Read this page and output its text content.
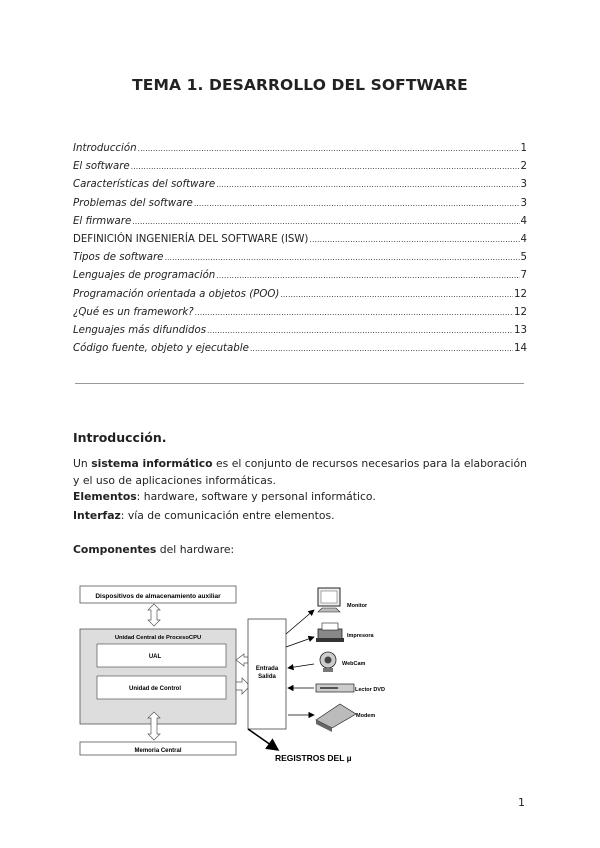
TEMA 1. DESARROLLO DEL SOFTWARE
Introducción .....	1
El software .....	2
Características del software .....	3
Problemas del software .....	3
El firmware .....	4
DEFINICIÓN INGENIERÍA DEL SOFTWARE (ISW) .....	4
Tipos de software .....	5
Lenguajes de programación .....	7
Programación orientada a objetos (POO) .....	12
¿Qué es un framework? .....	12
Lenguajes más difundidos .....	13
Código fuente, objeto y ejecutable .....	14
Introducción.
Un sistema informático es el conjunto de recursos necesarios para la elaboración y el uso de aplicaciones informáticas.
Elementos: hardware, software y personal informático.
Interfaz: vía de comunicación entre elementos.
Componentes del hardware:
Dispositivos de almacenamiento auxiliar
Unidad Central de ProcesoCPU
UAL
Unidad de Control
Memoria Central
Entrada
Salida
Monitor
Impresora
WebCam
Lector DVD
Modem
REGISTROS DEL µ
1
